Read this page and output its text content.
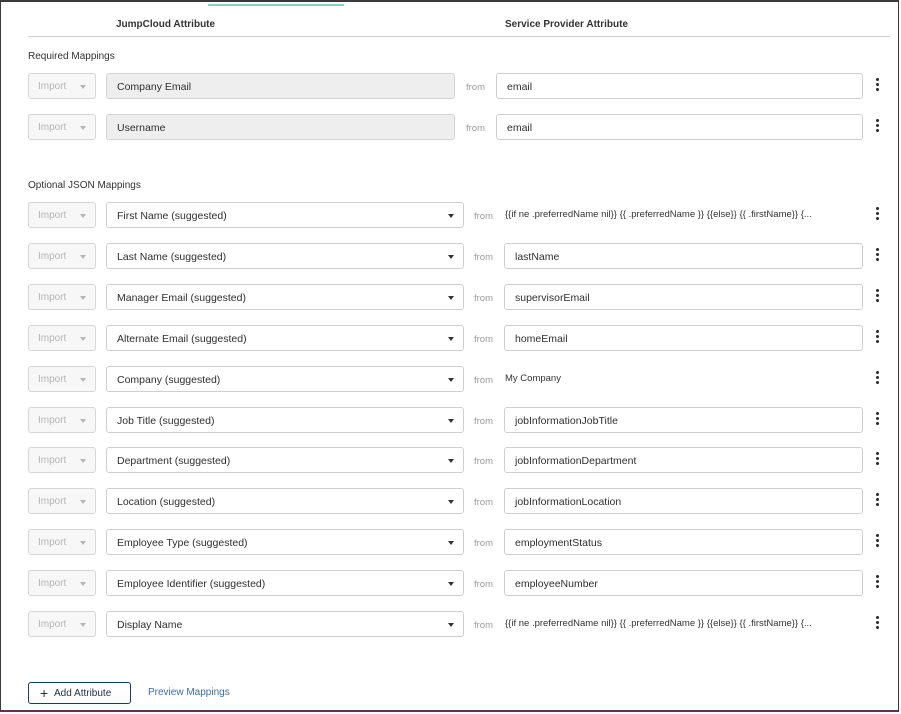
JumpCloud Attribute	Service Provider Attribute
Required Mappings
Import	Company Email	from email
Import	Username	from email
Optional JSON Mappings
Import	First Name (suggested)	from {{if ne .preferredName nil}} {{ .preferredName }} {{else}} {{ .firstName}} {...
Import	Last Name (suggested)	from lastName
Import	Manager Email (suggested)	from supervisorEmail
Import	Alternate Email (suggested)	from homeEmail
Import	Company (suggested)	from My Company
Import	Job Title (suggested)	from jobInformationJobTitle
Import	Department (suggested)	from jobInformationDepartment
Import	Location (suggested)	from jobInformationLocation
Import	Employee Type (suggested)	from employmentStatus
Import	Employee Identifier (suggested)	from employeeNumber
Import	Display Name	from {{if ne .preferredName nil}} {{ .preferredName }} {{else}} {{ .firstName}} {...
+ Add Attribute	Preview Mappings
